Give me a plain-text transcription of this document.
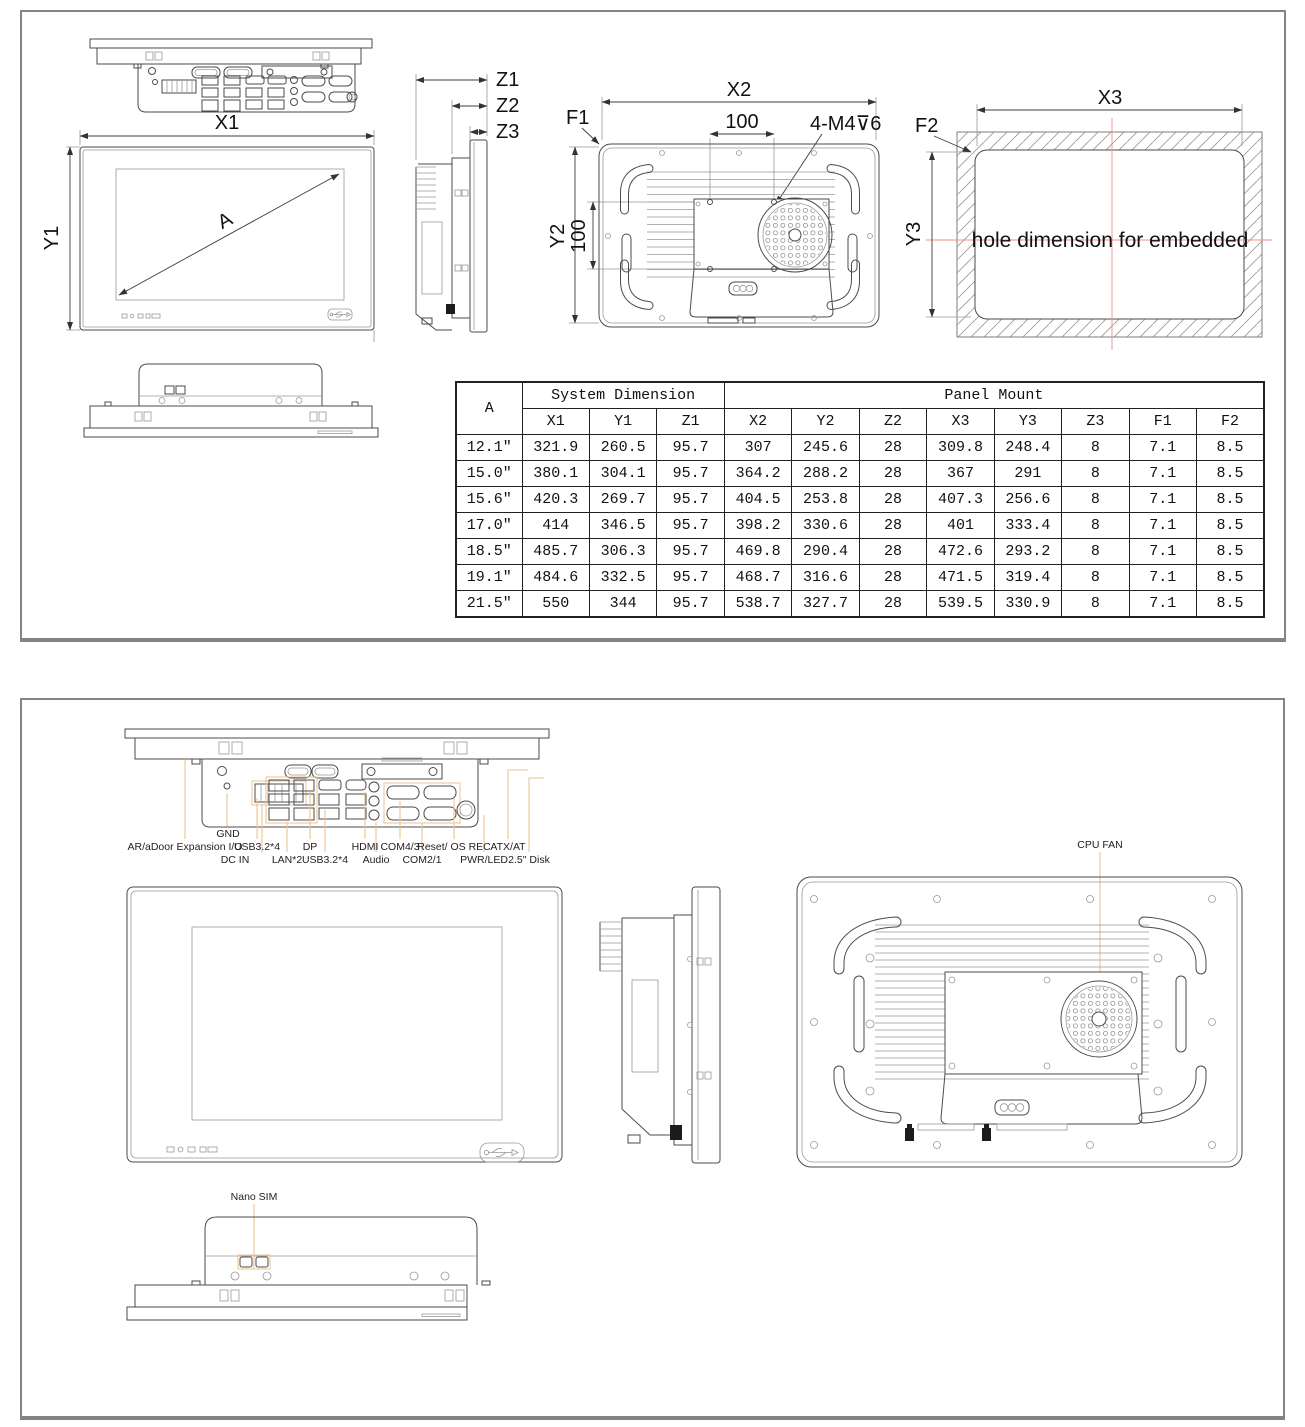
X1
Y1
A
Z1
Z2
Z3
X2
100	4-M4⊽6
F1
Y2 100
X3
Y3
F2
hole dimension for embedded
A	System Dimension			Panel Mount							
	X1	Y1	Z1	X2	Y2	Z2	X3	Y3	Z3	F1	F2
12.1"	321.9	260.5	95.7	307	245.6	28	309.8	248.4	8	7.1	8.5
15.0"	380.1	304.1	95.7	364.2	288.2	28	367	291	8	7.1	8.5
15.6"	420.3	269.7	95.7	404.5	253.8	28	407.3	256.6	8	7.1	8.5
17.0"	414	346.5	95.7	398.2	330.6	28	401	333.4	8	7.1	8.5
18.5"	485.7	306.3	95.7	469.8	290.4	28	472.6	293.2	8	7.1	8.5
19.1"	484.6	332.5	95.7	468.7	316.6	28	471.5	319.4	8	7.1	8.5
21.5"	550	344	95.7	538.7	327.7	28	539.5	330.9	8	7.1	8.5
GND
AR/aDoor Expansion I/O
USB3.2*4 DP	HDMI COM4/3
Reset/ OS REC ATX/AT
DC IN LAN*2 USB3.2*4 Audio COM2/1 PWR/LED 2.5" Disk
CPU FAN
Nano SIM
